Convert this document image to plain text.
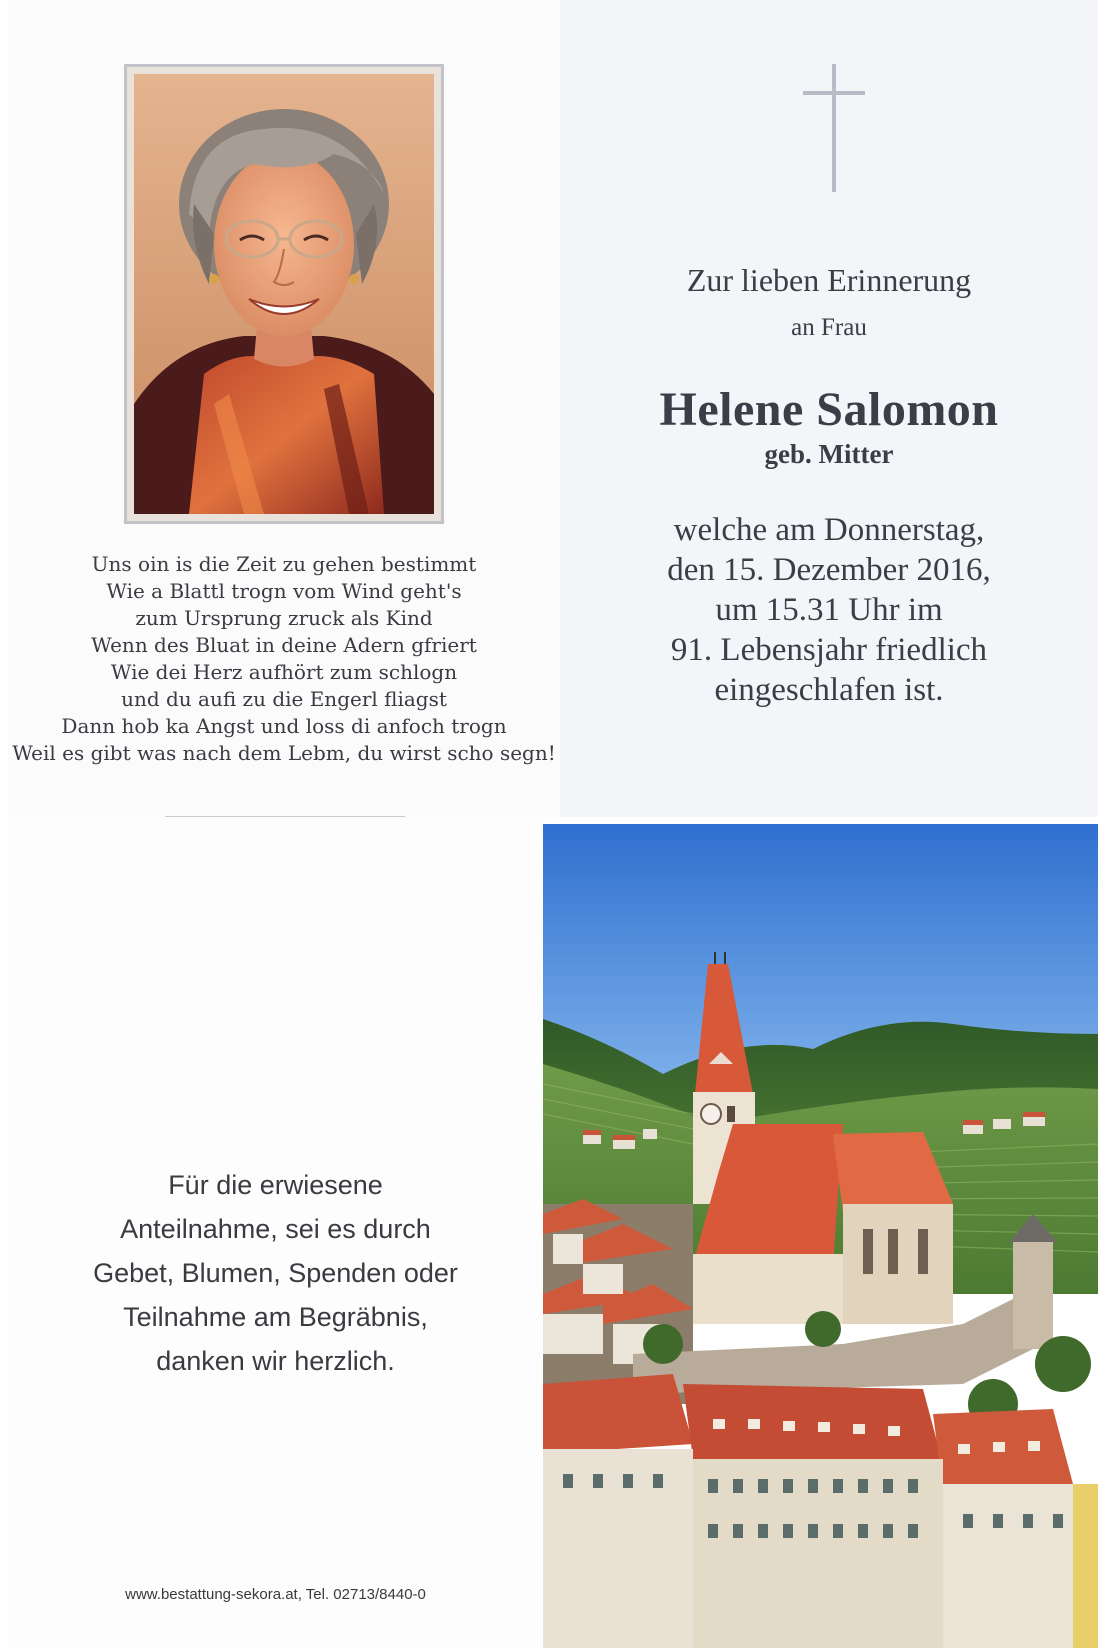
Uns oin is die Zeit zu gehen bestimmt
Wie a Blattl trogn vom Wind geht's
zum Ursprung zruck als Kind
Wenn des Bluat in deine Adern gfriert
Wie dei Herz aufhört zum schlogn
und du aufi zu die Engerl fliagst
Dann hob ka Angst und loss di anfoch trogn
Weil es gibt was nach dem Lebm, du wirst scho segn!
Zur lieben Erinnerung
an Frau
Helene Salomon
geb. Mitter
welche am Donnerstag,
den 15. Dezember 2016,
um 15.31 Uhr im
91. Lebensjahr friedlich
eingeschlafen ist.
Für die erwiesene
Anteilnahme, sei es durch
Gebet, Blumen, Spenden oder
Teilnahme am Begräbnis,
danken wir herzlich.
www.bestattung-sekora.at, Tel. 02713/8440-0
